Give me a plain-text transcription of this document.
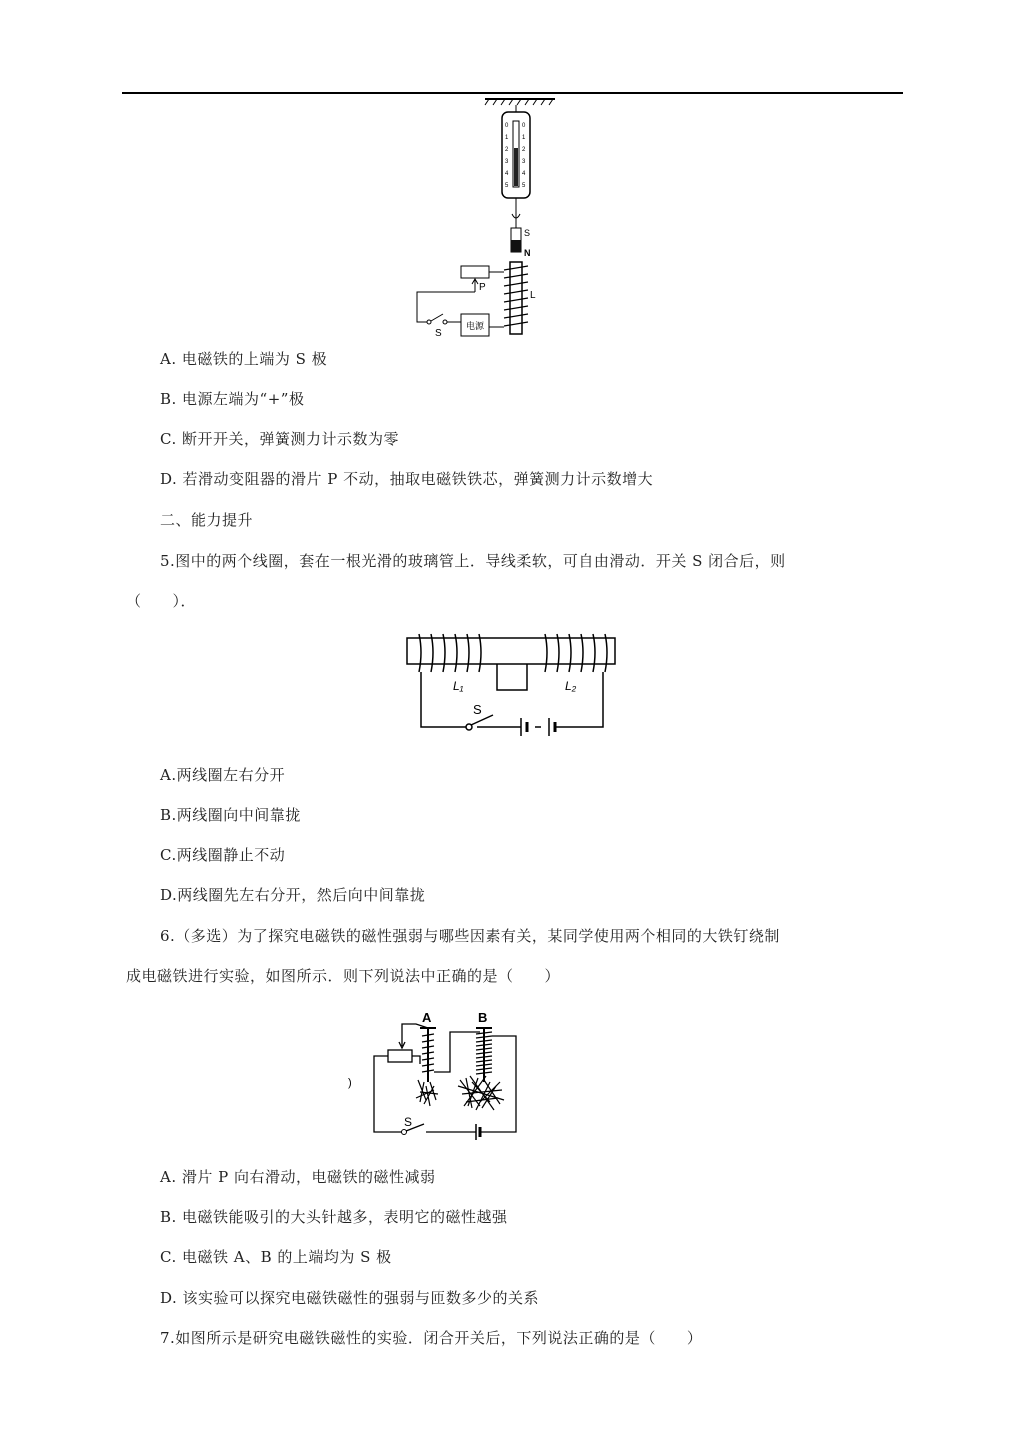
0
1
2
3
4
5
0
1
2
3
4
5
S
N
L
P
S
电源
A. 电磁铁的上端为 S 极
B. 电源左端为“+”极
C. 断开开关，弹簧测力计示数为零
D. 若滑动变阻器的滑片 P 不动，抽取电磁铁铁芯，弹簧测力计示数增大
二、能力提升
5.图中的两个线圈，套在一根光滑的玻璃管上．导线柔软，可自由滑动．开关 S 闭合后，则
（　　）．
L₁	L₂
S
A.两线圈左右分开
B.两线圈向中间靠拢
C.两线圈静止不动
D.两线圈先左右分开，然后向中间靠拢
6.（多选）为了探究电磁铁的磁性强弱与哪些因素有关，某同学使用两个相同的大铁钉绕制
成电磁铁进行实验，如图所示．则下列说法中正确的是（　　）
)
A	B
S
A. 滑片 P 向右滑动，电磁铁的磁性减弱
B. 电磁铁能吸引的大头针越多，表明它的磁性越强
C. 电磁铁 A、B 的上端均为 S 极
D. 该实验可以探究电磁铁磁性的强弱与匝数多少的关系
7.如图所示是研究电磁铁磁性的实验．闭合开关后，下列说法正确的是（　　）
